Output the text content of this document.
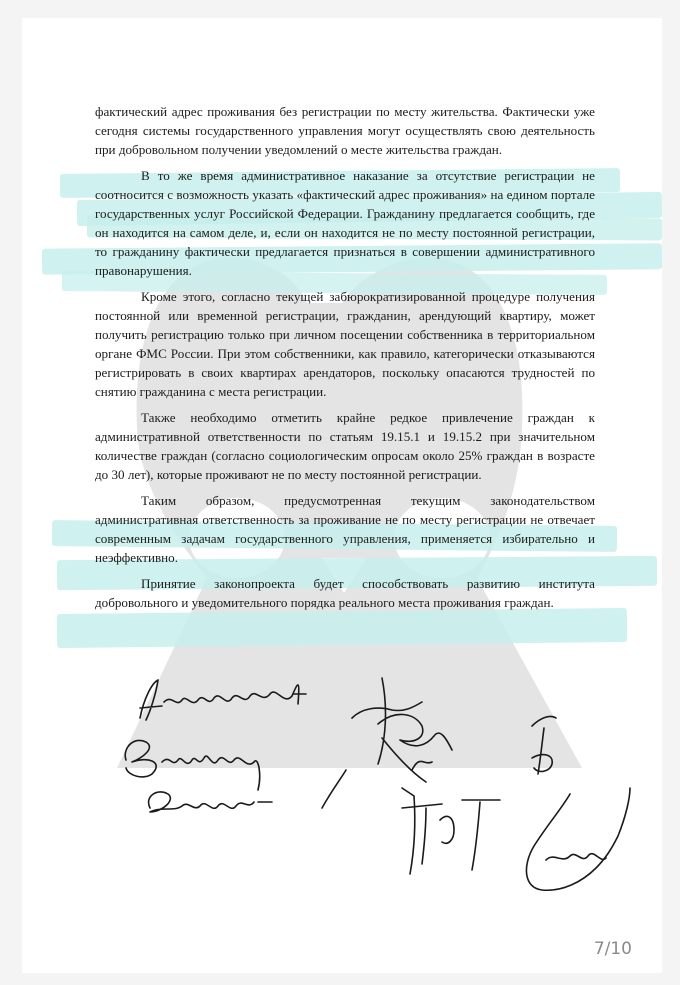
фактический адрес проживания без регистрации по месту жительства. Фактически уже сегодня системы государственного управления могут осуществлять свою деятельность при добровольном получении уведомлений о месте жительства граждан.

В то же время административное наказание за отсутствие регистрации не соотносится с возможность указать «фактический адрес проживания» на едином портале государственных услуг Российской Федерации. Гражданину предлагается сообщить, где он находится на самом деле, и, если он находится не по месту постоянной регистрации, то гражданину фактически предлагается признаться в совершении административного правонарушения.

Кроме этого, согласно текущей забюрократизированной процедуре получения постоянной или временной регистрации, гражданин, арендующий квартиру, может получить регистрацию только при личном посещении собственника в территориальном органе ФМС России. При этом собственники, как правило, категорически отказываются регистрировать в своих квартирах арендаторов, поскольку опасаются трудностей по снятию гражданина с места регистрации.

Также необходимо отметить крайне редкое привлечение граждан к административной ответственности по статьям 19.15.1 и 19.15.2 при значительном количестве граждан (согласно социологическим опросам около 25% граждан в возрасте до 30 лет), которые проживают не по месту постоянной регистрации.

Таким образом, предусмотренная текущим законодательством административная ответственность за проживание не по месту регистрации не отвечает современным задачам государственного управления, применяется избирательно и неэффективно.

Принятие законопроекта будет способствовать развитию института добровольного и уведомительного порядка реального места проживания граждан.

7/10
